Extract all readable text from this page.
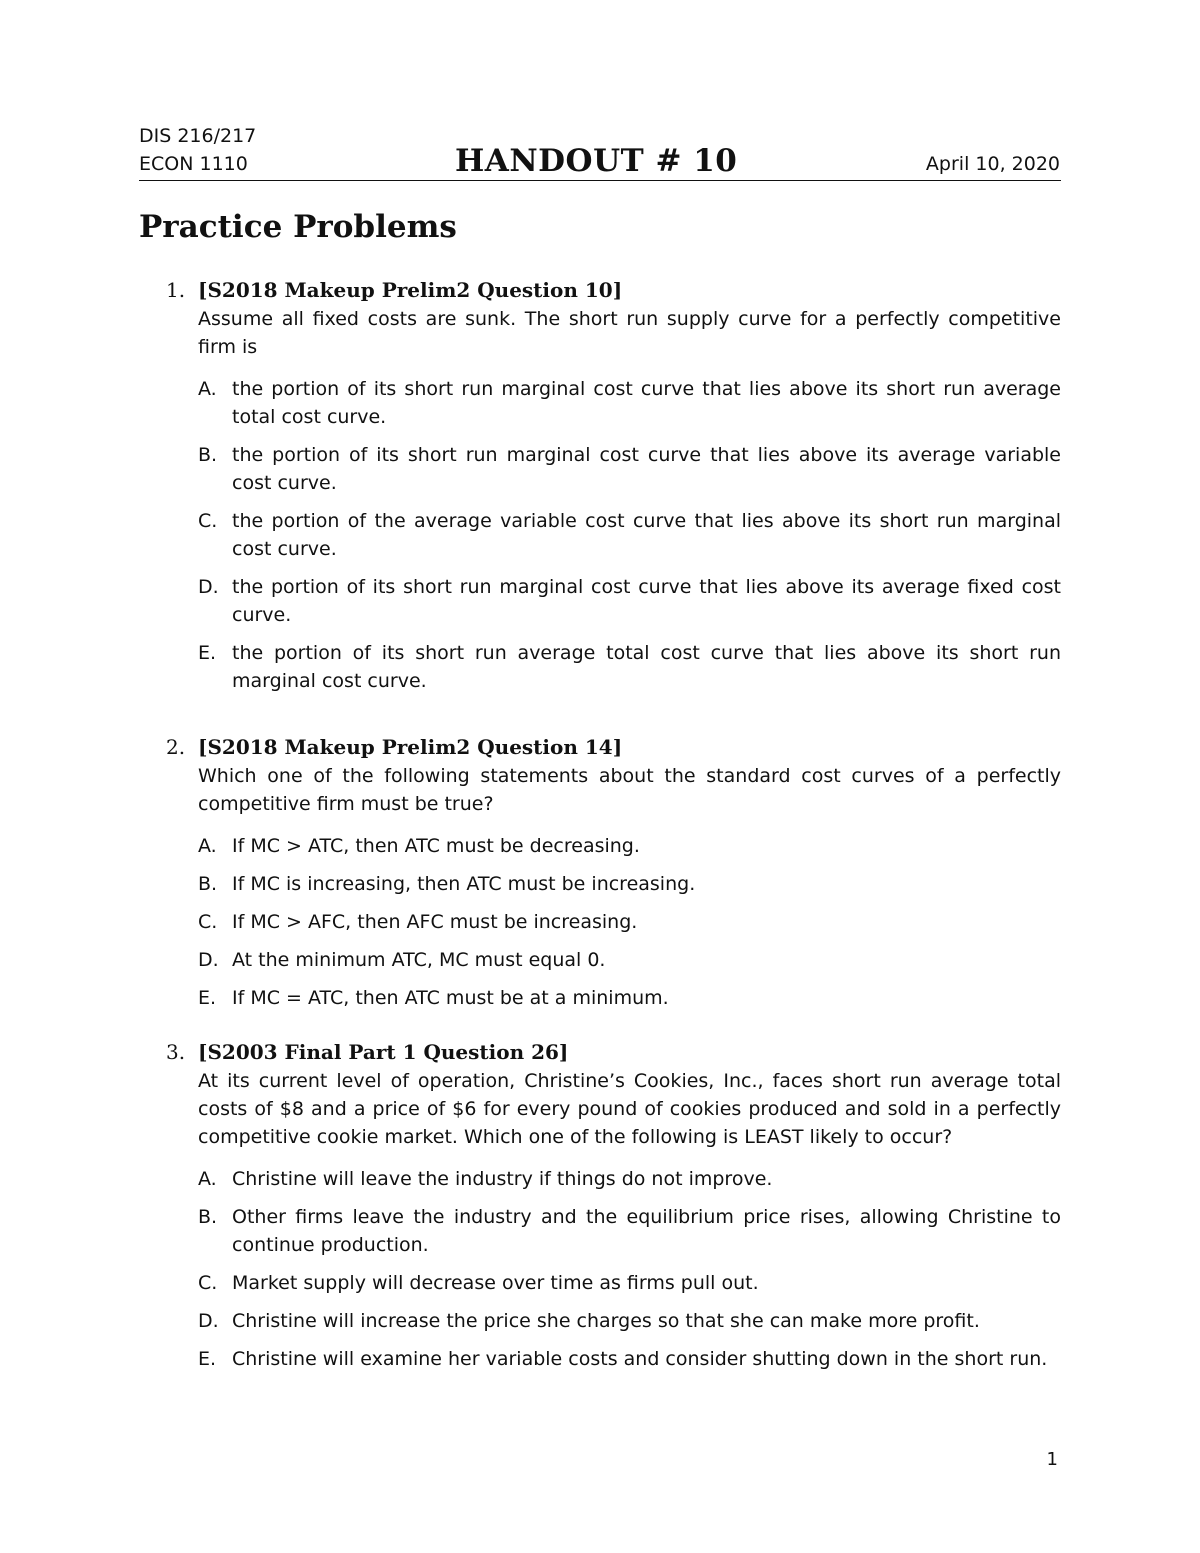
DIS 216/217
ECON 1110	HANDOUT # 10	April 10, 2020
Practice Problems
1. [S2018 Makeup Prelim2 Question 10]
Assume all fixed costs are sunk. The short run supply curve for a perfectly competitive firm is
A. the portion of its short run marginal cost curve that lies above its short run average total cost curve.
B. the portion of its short run marginal cost curve that lies above its average variable cost curve.
C. the portion of the average variable cost curve that lies above its short run marginal cost curve.
D. the portion of its short run marginal cost curve that lies above its average fixed cost curve.
E. the portion of its short run average total cost curve that lies above its short run marginal cost curve.
2. [S2018 Makeup Prelim2 Question 14]
Which one of the following statements about the standard cost curves of a perfectly competitive firm must be true?
A. If MC > ATC, then ATC must be decreasing.
B. If MC is increasing, then ATC must be increasing.
C. If MC > AFC, then AFC must be increasing.
D. At the minimum ATC, MC must equal 0.
E. If MC = ATC, then ATC must be at a minimum.
3. [S2003 Final Part 1 Question 26]
At its current level of operation, Christine’s Cookies, Inc., faces short run average total costs of $8 and a price of $6 for every pound of cookies produced and sold in a perfectly competitive cookie market. Which one of the following is LEAST likely to occur?
A. Christine will leave the industry if things do not improve.
B. Other firms leave the industry and the equilibrium price rises, allowing Christine to continue production.
C. Market supply will decrease over time as firms pull out.
D. Christine will increase the price she charges so that she can make more profit.
E. Christine will examine her variable costs and consider shutting down in the short run.
1
